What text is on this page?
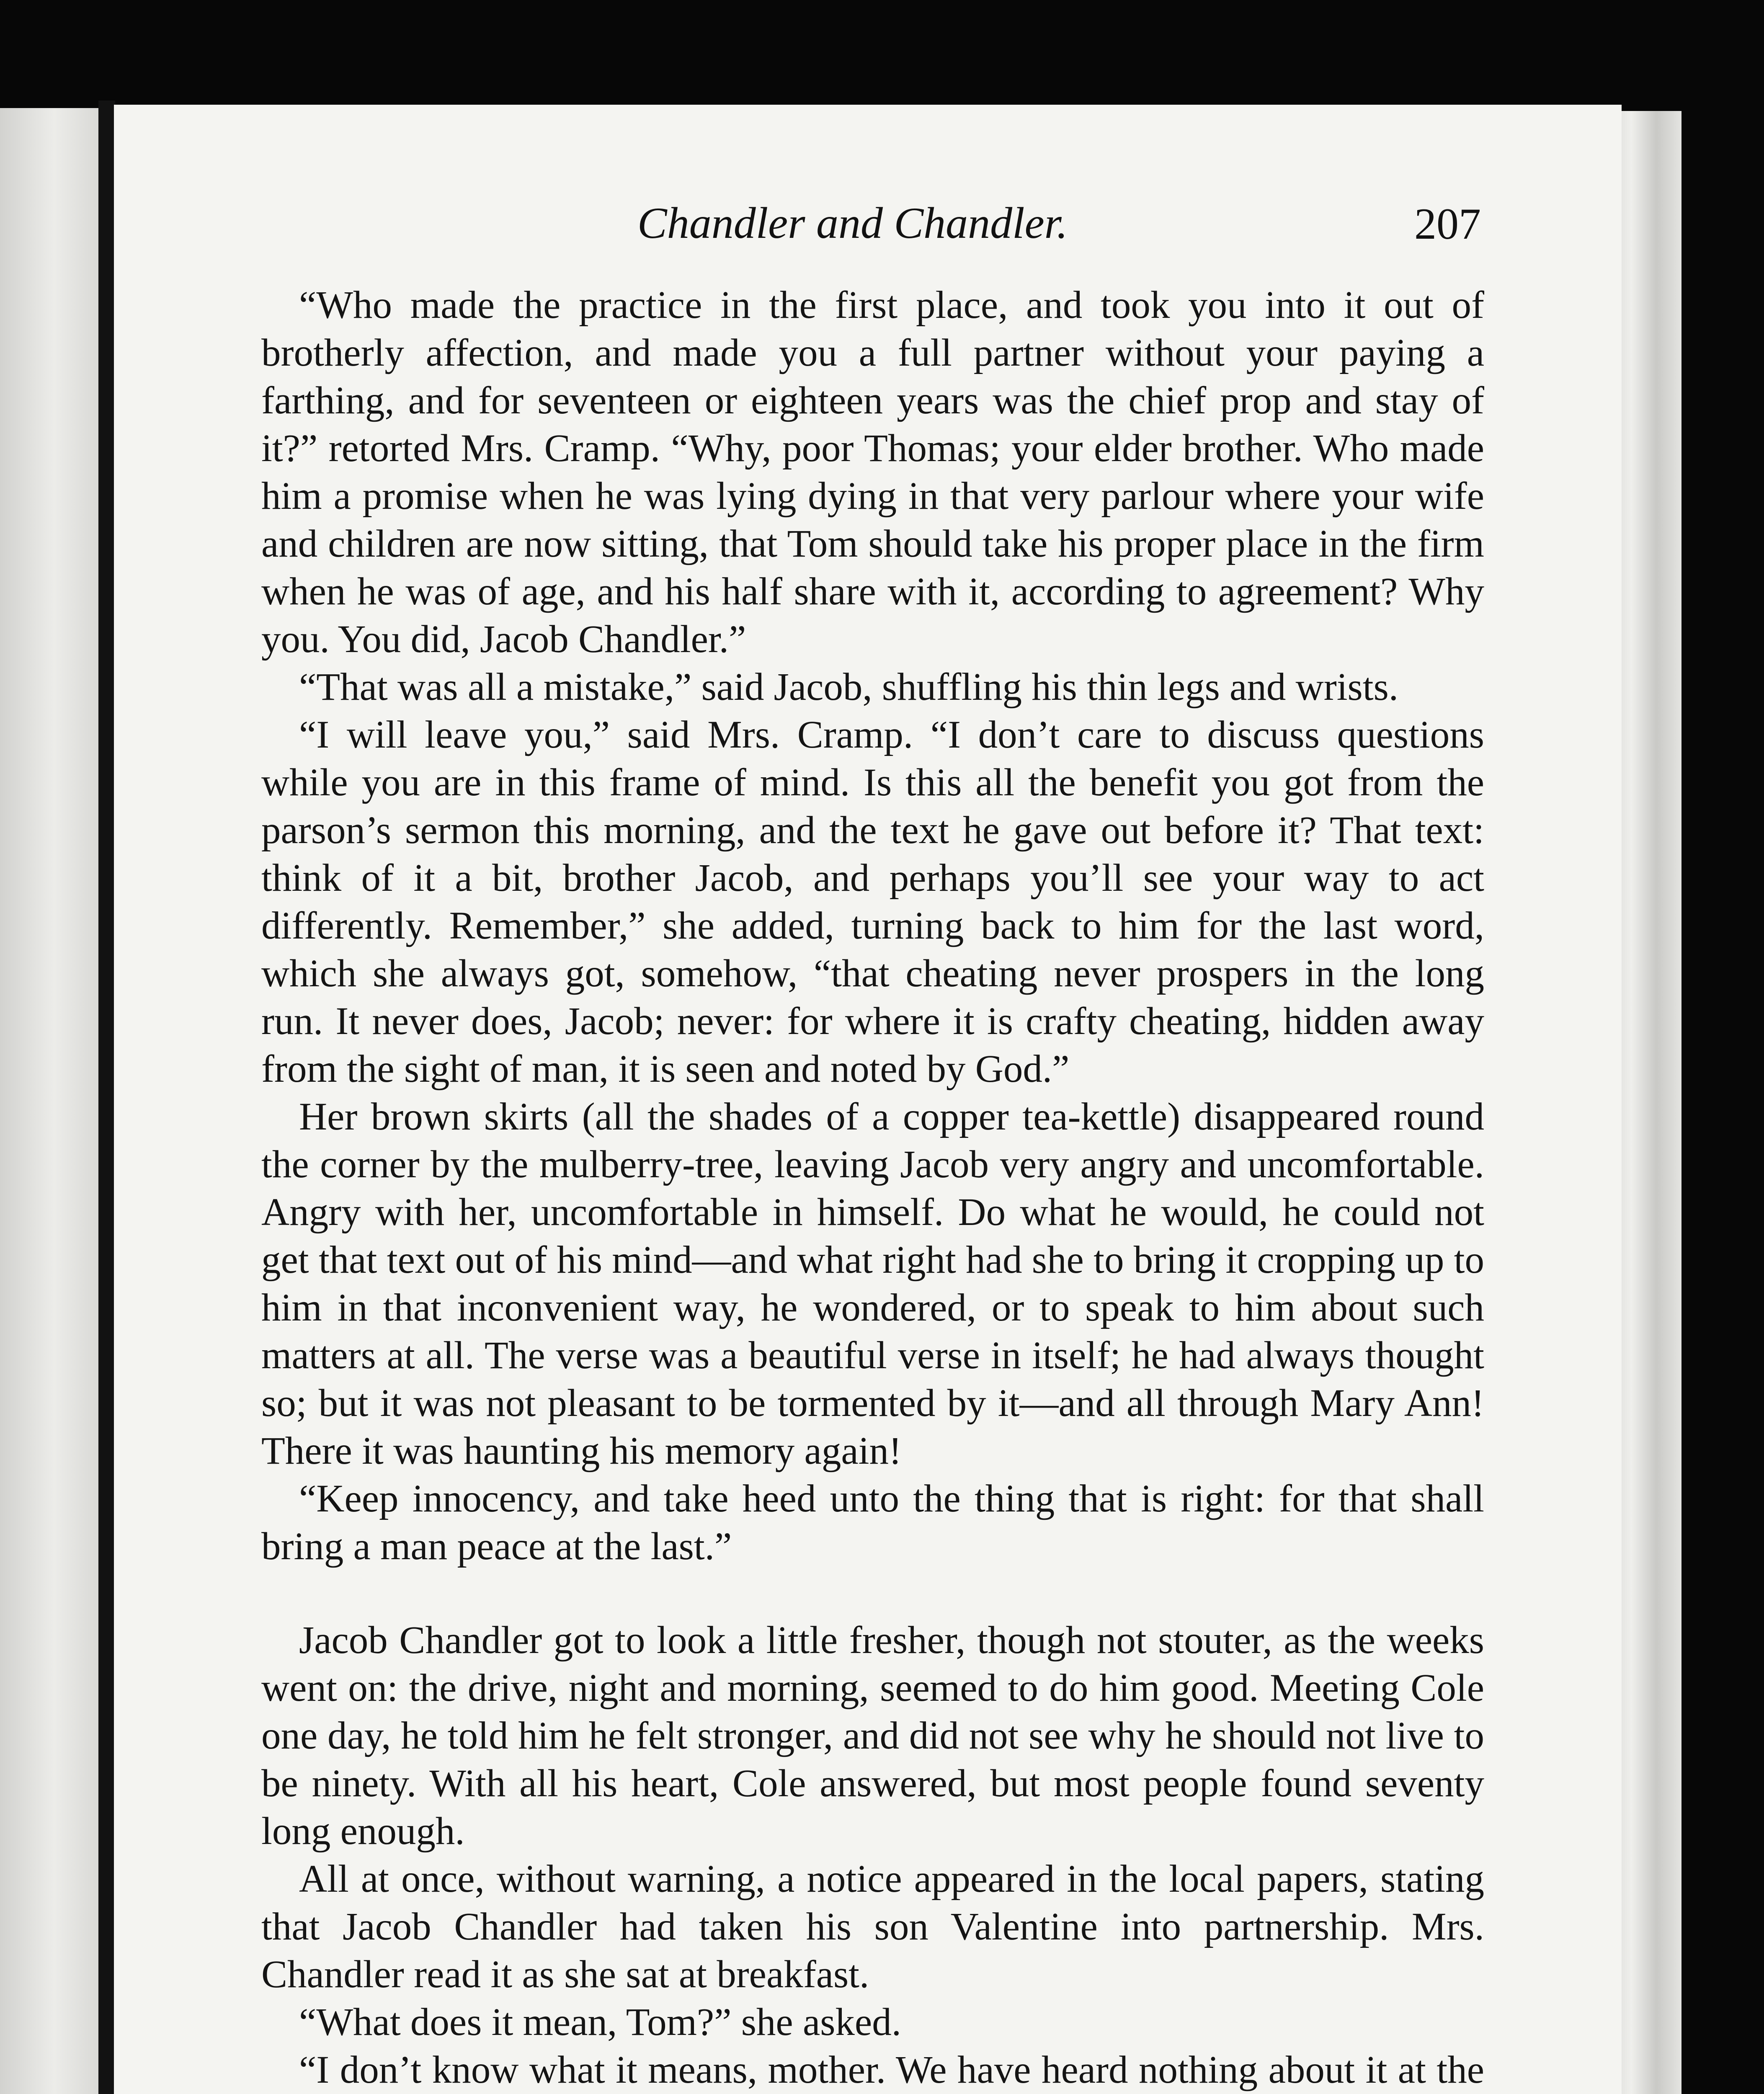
Chandler and Chandler.	207

“Who made the practice in the first place, and took you into it out of brotherly affection, and made you a full partner without your paying a farthing, and for seventeen or eighteen years was the chief prop and stay of it?” retorted Mrs. Cramp. “Why, poor Thomas; your elder brother. Who made him a promise when he was lying dying in that very parlour where your wife and children are now sitting, that Tom should take his proper place in the firm when he was of age, and his half share with it, according to agreement? Why you. You did, Jacob Chandler.”

“That was all a mistake,” said Jacob, shuffling his thin legs and wrists.

“I will leave you,” said Mrs. Cramp. “I don’t care to discuss questions while you are in this frame of mind. Is this all the benefit you got from the parson’s sermon this morning, and the text he gave out before it? That text: think of it a bit, brother Jacob, and perhaps you’ll see your way to act differently. Remember,” she added, turning back to him for the last word, which she always got, somehow, “that cheating never prospers in the long run. It never does, Jacob; never: for where it is crafty cheating, hidden away from the sight of man, it is seen and noted by God.”

Her brown skirts (all the shades of a copper tea-kettle) disappeared round the corner by the mulberry-tree, leaving Jacob very angry and uncomfortable. Angry with her, uncomfortable in himself. Do what he would, he could not get that text out of his mind—and what right had she to bring it cropping up to him in that inconvenient way, he wondered, or to speak to him about such matters at all. The verse was a beautiful verse in itself; he had always thought so; but it was not pleasant to be tormented by it—and all through Mary Ann! There it was haunting his memory again!

“Keep innocency, and take heed unto the thing that is right: for that shall bring a man peace at the last.”

Jacob Chandler got to look a little fresher, though not stouter, as the weeks went on: the drive, night and morning, seemed to do him good. Meeting Cole one day, he told him he felt stronger, and did not see why he should not live to be ninety. With all his heart, Cole answered, but most people found seventy long enough.

All at once, without warning, a notice appeared in the local papers, stating that Jacob Chandler had taken his son Valentine into partnership. Mrs. Chandler read it as she sat at breakfast.

“What does it mean, Tom?” she asked.

“I don’t know what it means, mother. We have heard nothing about it at the
